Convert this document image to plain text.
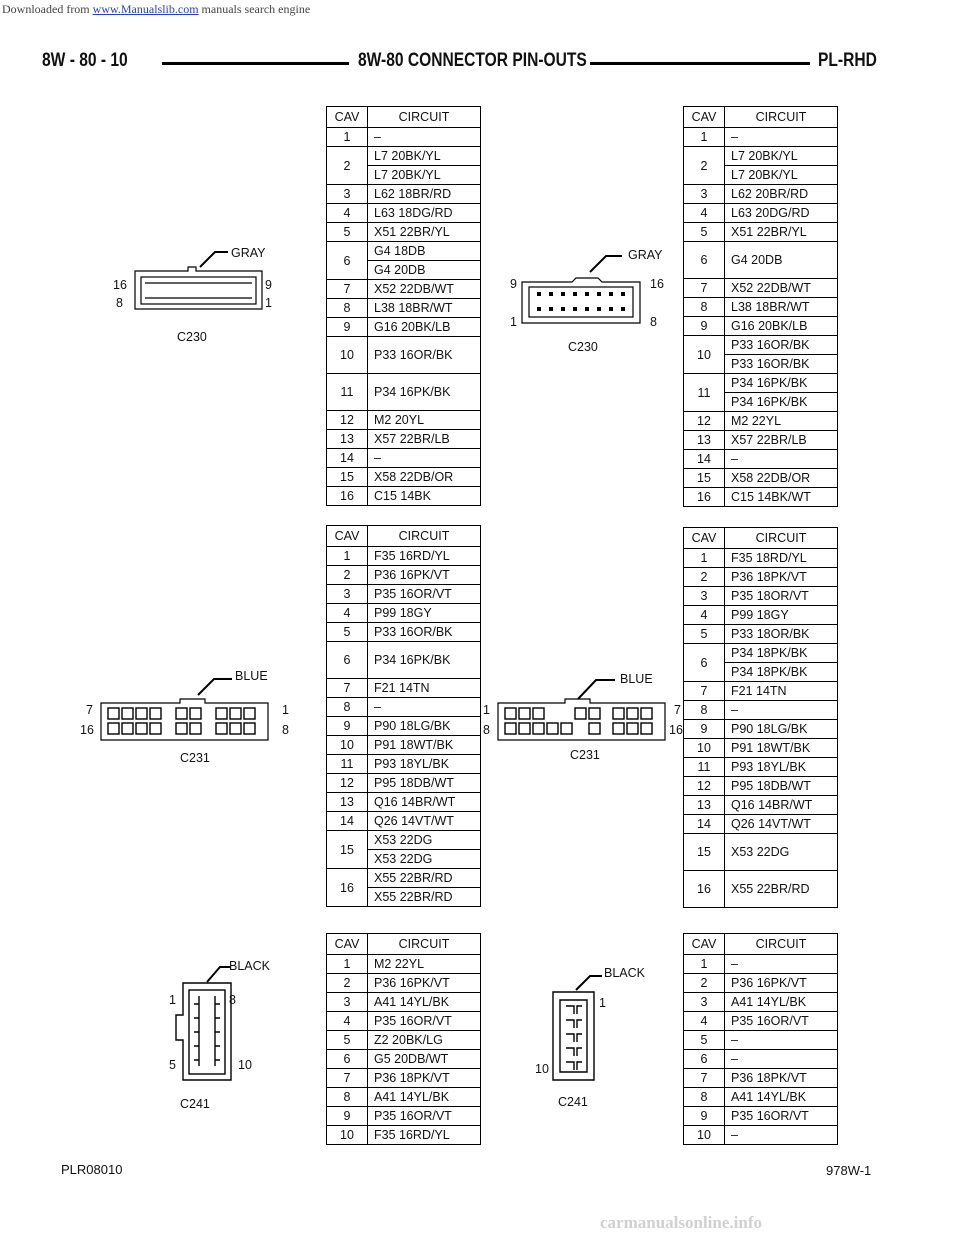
Downloaded from www.Manualslib.com manuals search engine
8W - 80 - 10	8W-80 CONNECTOR PIN-OUTS	PL-RHD
CAV	CIRCUIT
1	–
2	L7 20BK/YL
	L7 20BK/YL
3	L62 18BR/RD
4	L63 18DG/RD
5	X51 22BR/YL
6	G4 18DB
	G4 20DB
7	X52 22DB/WT
8	L38 18BR/WT
9	G16 20BK/LB
10	P33 16OR/BK
11	P34 16PK/BK
12	M2 20YL
13	X57 22BR/LB
14	–
15	X58 22DB/OR
16	C15 14BK
CAV	CIRCUIT
1	–
2	L7 20BK/YL
	L7 20BK/YL
3	L62 20BR/RD
4	L63 20DG/RD
5	X51 22BR/YL
6	G4 20DB
7	X52 22DB/WT
8	L38 18BR/WT
9	G16 20BK/LB
10	P33 16OR/BK
	P33 16OR/BK
11	P34 16PK/BK
	P34 16PK/BK
12	M2 22YL
13	X57 22BR/LB
14	–
15	X58 22DB/OR
16	C15 14BK/WT
CAV	CIRCUIT
1	F35 16RD/YL
2	P36 16PK/VT
3	P35 16OR/VT
4	P99 18GY
5	P33 16OR/BK
6	P34 16PK/BK
7	F21 14TN
8	–
9	P90 18LG/BK
10	P91 18WT/BK
11	P93 18YL/BK
12	P95 18DB/WT
13	Q16 14BR/WT
14	Q26 14VT/WT
15	X53 22DG
	X53 22DG
16	X55 22BR/RD
	X55 22BR/RD
CAV	CIRCUIT
1	F35 18RD/YL
2	P36 18PK/VT
3	P35 18OR/VT
4	P99 18GY
5	P33 18OR/BK
6	P34 18PK/BK
	P34 18PK/BK
7	F21 14TN
8	–
9	P90 18LG/BK
10	P91 18WT/BK
11	P93 18YL/BK
12	P95 18DB/WT
13	Q16 14BR/WT
14	Q26 14VT/WT
15	X53 22DG
16	X55 22BR/RD
CAV	CIRCUIT
1	M2 22YL
2	P36 16PK/VT
3	A41 14YL/BK
4	P35 16OR/VT
5	Z2 20BK/LG
6	G5 20DB/WT
7	P36 18PK/VT
8	A41 14YL/BK
9	P35 16OR/VT
10	F35 16RD/YL
CAV	CIRCUIT
1	–
2	P36 16PK/VT
3	A41 14YL/BK
4	P35 16OR/VT
5	–
6	–
7	P36 18PK/VT
8	A41 14YL/BK
9	P35 16OR/VT
10	–
GRAY
16
8
9
1
C230
GRAY
9
1
16
8
C230
BLUE
7
16
1
8
C231
BLUE
1
8
7
16
C231
BLACK
1	8
5	10
C241
BLACK
1
10
C241
PLR08010	978W-1
carmanualsonline.info
